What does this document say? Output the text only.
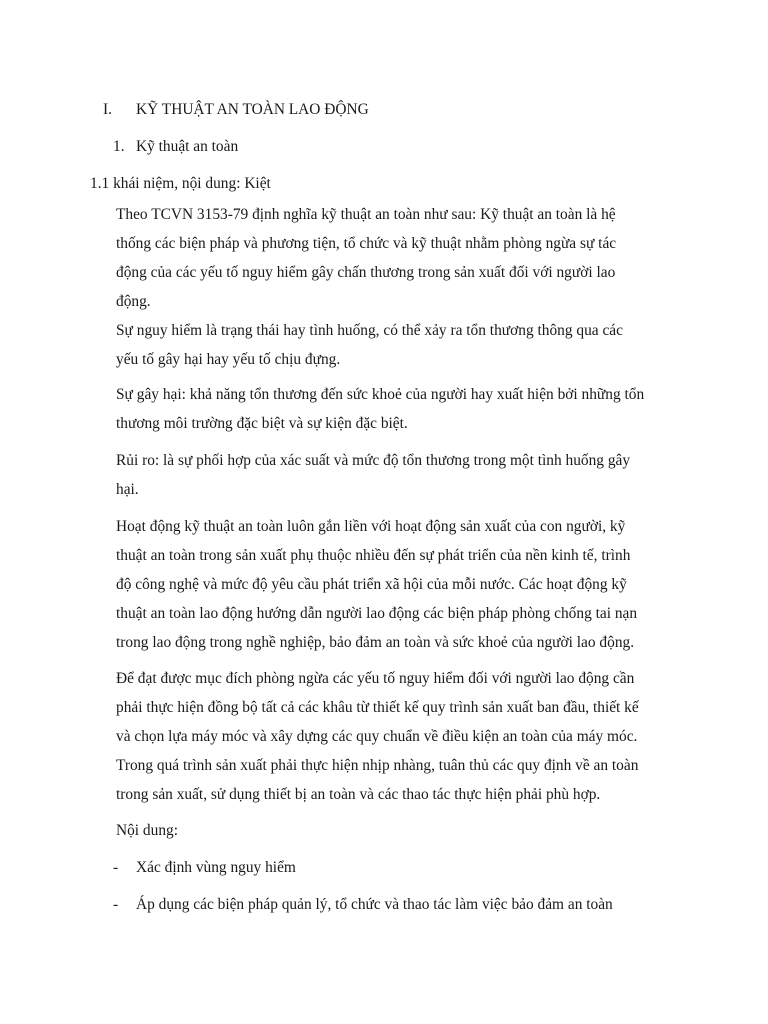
I. KỸ THUẬT AN TOÀN LAO ĐỘNG
1. Kỹ thuật an toàn
1.1 khái niệm, nội dung: Kiệt
Theo TCVN 3153-79 định nghĩa kỹ thuật an toàn như sau: Kỹ thuật an toàn là hệ
thống các biện pháp và phương tiện, tổ chức và kỹ thuật nhằm phòng ngừa sự tác
động của các yếu tố nguy hiểm gây chấn thương trong sản xuất đối với người lao
động.
Sự nguy hiểm là trạng thái hay tình huống, có thể xảy ra tổn thương thông qua các
yếu tố gây hại hay yếu tố chịu đựng.
Sự gây hại: khả năng tổn thương đến sức khoẻ của người hay xuất hiện bởi những tổn
thương môi trường đặc biệt và sự kiện đặc biệt.
Rủi ro: là sự phối hợp của xác suất và mức độ tổn thương trong một tình huống gây
hại.
Hoạt động kỹ thuật an toàn luôn gắn liền với hoạt động sản xuất của con người, kỹ
thuật an toàn trong sản xuất phụ thuộc nhiều đến sự phát triển của nền kinh tế, trình
độ công nghệ và mức độ yêu cầu phát triển xã hội của mỗi nước. Các hoạt động kỹ
thuật an toàn lao động hướng dẫn người lao động các biện pháp phòng chống tai nạn
trong lao động trong nghề nghiệp, bảo đảm an toàn và sức khoẻ của người lao động.
Để đạt được mục đích phòng ngừa các yếu tố nguy hiểm đối với người lao động cần
phải thực hiện đồng bộ tất cả các khâu từ thiết kế quy trình sản xuất ban đầu, thiết kế
và chọn lựa máy móc và xây dựng các quy chuẩn về điều kiện an toàn của máy móc.
Trong quá trình sản xuất phải thực hiện nhịp nhàng, tuân thủ các quy định về an toàn
trong sản xuất, sử dụng thiết bị an toàn và các thao tác thực hiện phải phù hợp.
Nội dung:
- Xác định vùng nguy hiểm
- Áp dụng các biện pháp quản lý, tổ chức và thao tác làm việc bảo đảm an toàn
